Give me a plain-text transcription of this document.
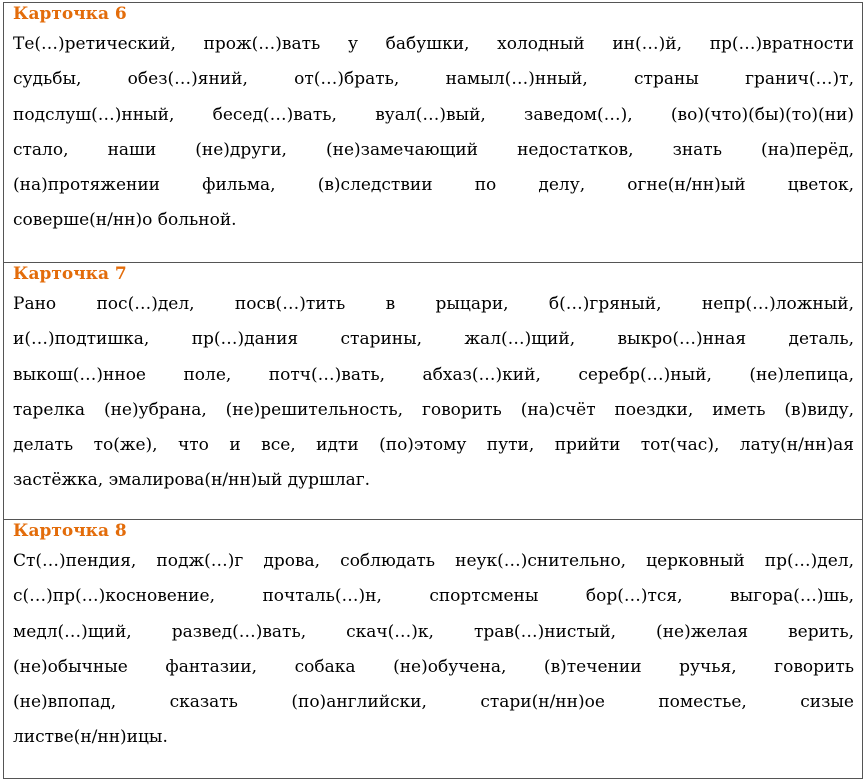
Карточка 6
Те(…)ретический, прож(…)вать у бабушки, холодный ин(…)й, пр(…)вратности
судьбы, обез(…)яний, от(…)брать, намыл(…)нный, страны гранич(…)т,
подслуш(…)нный, бесед(…)вать, вуал(…)вый, заведом(…), (во)(что)(бы)(то)(ни)
стало, наши (не)други, (не)замечающий недостатков, знать (на)перёд,
(на)протяжении фильма, (в)следствии по делу, огне(н/нн)ый цветок,
соверше(н/нн)о больной.
Карточка 7
Рано пос(…)дел, посв(…)тить в рыцари, б(…)гряный, непр(…)ложный,
и(…)подтишка, пр(…)дания старины, жал(…)щий, выкро(…)нная деталь,
выкош(…)нное поле, потч(…)вать, абхаз(…)кий, серебр(…)ный, (не)лепица,
тарелка (не)убрана, (не)решительность, говорить (на)счёт поездки, иметь (в)виду,
делать то(же), что и все, идти (по)этому пути, прийти тот(час), лату(н/нн)ая
застёжка, эмалирова(н/нн)ый дуршлаг.
Карточка 8
Ст(…)пендия, подж(…)г дрова, соблюдать неук(…)снительно, церковный пр(…)дел,
с(…)пр(…)косновение, почталь(…)н, спортсмены бор(…)тся, выгора(…)шь,
медл(…)щий, развед(…)вать, скач(…)к, трав(…)нистый, (не)желая верить,
(не)обычные фантазии, собака (не)обучена, (в)течении ручья, говорить
(не)впопад, сказать (по)английски, стари(н/нн)ое поместье, сизые
листве(н/нн)ицы.
